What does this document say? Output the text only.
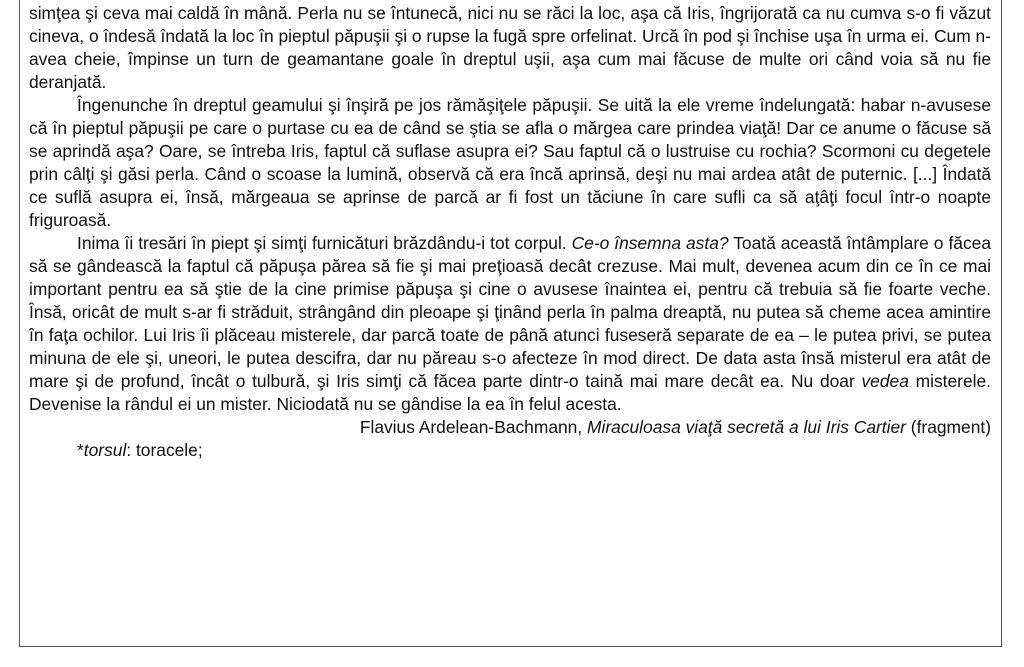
simţea şi ceva mai caldă în mână. Perla nu se întunecă, nici nu se răci la loc, aşa că Iris, îngrijorată ca nu cumva s-o fi văzut cineva, o îndesă îndată la loc în pieptul păpuşii şi o rupse la fugă spre orfelinat. Urcă în pod şi închise uşa în urma ei. Cum n-avea cheie, împinse un turn de geamantane goale în dreptul uşii, aşa cum mai făcuse de multe ori când voia să nu fie deranjată.

Îngenunche în dreptul geamului şi înşiră pe jos rămăşiţele păpuşii. Se uită la ele vreme îndelungată: habar n-avusese că în pieptul păpuşii pe care o purtase cu ea de când se ştia se afla o mărgea care prindea viaţă! Dar ce anume o făcuse să se aprindă aşa? Oare, se întreba Iris, faptul că suflase asupra ei? Sau faptul că o lustruise cu rochia? Scormoni cu degetele prin câlţi şi găsi perla. Când o scoase la lumină, observă că era încă aprinsă, deşi nu mai ardea atât de puternic. [...] Îndată ce suflă asupra ei, însă, mărgeaua se aprinse de parcă ar fi fost un tăciune în care sufli ca să aţâţi focul într-o noapte friguroasă.

Inima îi tresări în piept şi simţi furnicături brăzdându-i tot corpul. Ce-o însemna asta? Toată această întâmplare o făcea să se gândească la faptul că păpuşa părea să fie şi mai preţioasă decât crezuse. Mai mult, devenea acum din ce în ce mai important pentru ea să ştie de la cine primise păpuşa şi cine o avusese înaintea ei, pentru că trebuia să fie foarte veche. Însă, oricât de mult s-ar fi străduit, strângând din pleoape şi ţinând perla în palma dreaptă, nu putea să cheme acea amintire în faţa ochilor. Lui Iris îi plăceau misterele, dar parcă toate de până atunci fuseseră separate de ea – le putea privi, se putea minuna de ele şi, uneori, le putea descifra, dar nu păreau s-o afecteze în mod direct. De data asta însă misterul era atât de mare şi de profund, încât o tulbură, şi Iris simţi că făcea parte dintr-o taină mai mare decât ea. Nu doar vedea misterele. Devenise la rândul ei un mister. Niciodată nu se gândise la ea în felul acesta.

Flavius Ardelean-Bachmann, Miraculoasa viaţă secretă a lui Iris Cartier (fragment)

*torsul: toracele;
